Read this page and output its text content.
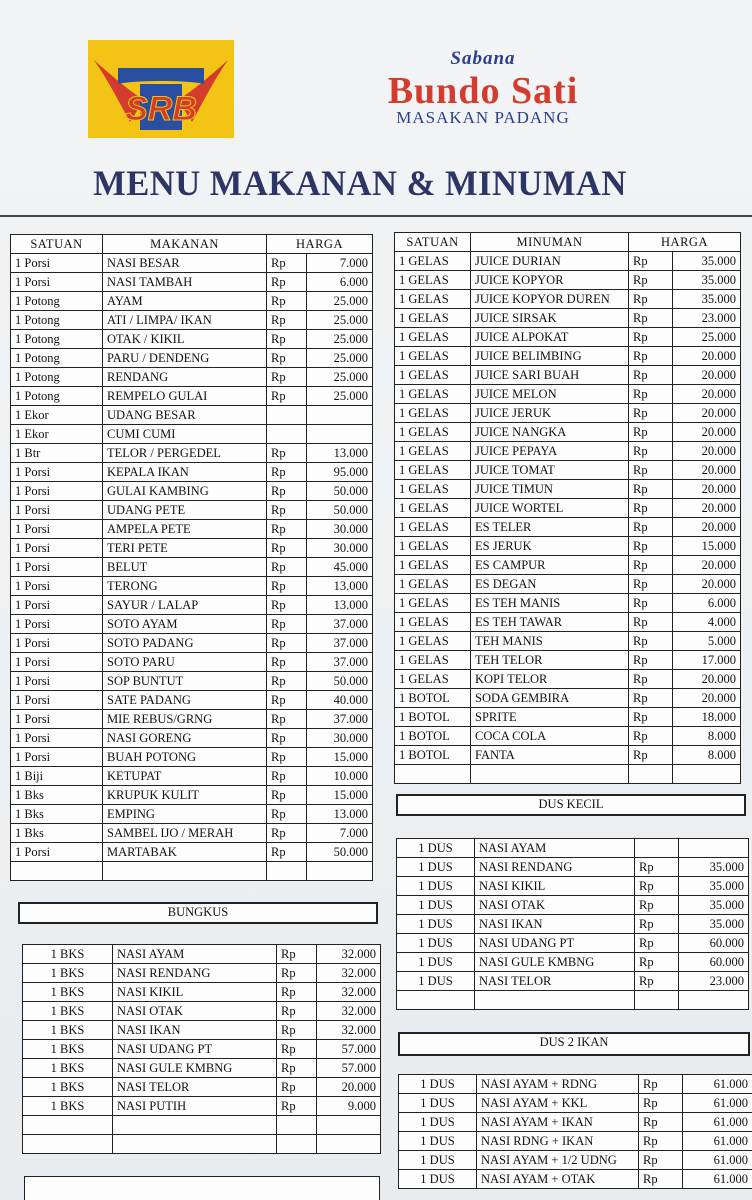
SRB
Sabana
Bundo Sati
MASAKAN PADANG
MENU MAKANAN & MINUMAN
SATUAN	MAKANAN	HARGA	
1 Porsi	NASI BESAR	Rp	7.000
1 Porsi	NASI TAMBAH	Rp	6.000
1 Potong	AYAM	Rp	25.000
1 Potong	ATI / LIMPA/ IKAN	Rp	25.000
1 Potong	OTAK / KIKIL	Rp	25.000
1 Potong	PARU / DENDENG	Rp	25.000
1 Potong	RENDANG	Rp	25.000
1 Potong	REMPELO GULAI	Rp	25.000
1 Ekor	UDANG BESAR		
1 Ekor	CUMI CUMI		
1 Btr	TELOR / PERGEDEL	Rp	13.000
1 Porsi	KEPALA IKAN	Rp	95.000
1 Porsi	GULAI KAMBING	Rp	50.000
1 Porsi	UDANG PETE	Rp	50.000
1 Porsi	AMPELA PETE	Rp	30.000
1 Porsi	TERI PETE	Rp	30.000
1 Porsi	BELUT	Rp	45.000
1 Porsi	TERONG	Rp	13.000
1 Porsi	SAYUR / LALAP	Rp	13.000
1 Porsi	SOTO AYAM	Rp	37.000
1 Porsi	SOTO PADANG	Rp	37.000
1 Porsi	SOTO PARU	Rp	37.000
1 Porsi	SOP BUNTUT	Rp	50.000
1 Porsi	SATE PADANG	Rp	40.000
1 Porsi	MIE REBUS/GRNG	Rp	37.000
1 Porsi	NASI GORENG	Rp	30.000
1 Porsi	BUAH POTONG	Rp	15.000
1 Biji	KETUPAT	Rp	10.000
1 Bks	KRUPUK KULIT	Rp	15.000
1 Bks	EMPING	Rp	13.000
1 Bks	SAMBEL IJO / MERAH	Rp	7.000
1 Porsi	MARTABAK	Rp	50.000

SATUAN	MINUMAN	HARGA	
1 GELAS	JUICE DURIAN	Rp	35.000
1 GELAS	JUICE KOPYOR	Rp	35.000
1 GELAS	JUICE KOPYOR DUREN	Rp	35.000
1 GELAS	JUICE SIRSAK	Rp	23.000
1 GELAS	JUICE ALPOKAT	Rp	25.000
1 GELAS	JUICE BELIMBING	Rp	20.000
1 GELAS	JUICE SARI BUAH	Rp	20.000
1 GELAS	JUICE MELON	Rp	20.000
1 GELAS	JUICE JERUK	Rp	20.000
1 GELAS	JUICE NANGKA	Rp	20.000
1 GELAS	JUICE PEPAYA	Rp	20.000
1 GELAS	JUICE TOMAT	Rp	20.000
1 GELAS	JUICE TIMUN	Rp	20.000
1 GELAS	JUICE WORTEL	Rp	20.000
1 GELAS	ES TELER	Rp	20.000
1 GELAS	ES JERUK	Rp	15.000
1 GELAS	ES CAMPUR	Rp	20.000
1 GELAS	ES DEGAN	Rp	20.000
1 GELAS	ES TEH MANIS	Rp	6.000
1 GELAS	ES TEH TAWAR	Rp	4.000
1 GELAS	TEH MANIS	Rp	5.000
1 GELAS	TEH TELOR	Rp	17.000
1 GELAS	KOPI TELOR	Rp	20.000
1 BOTOL	SODA GEMBIRA	Rp	20.000
1 BOTOL	SPRITE	Rp	18.000
1 BOTOL	COCA COLA	Rp	8.000
1 BOTOL	FANTA	Rp	8.000

BUNGKUS
1 BKS	NASI AYAM	Rp	32.000
1 BKS	NASI RENDANG	Rp	32.000
1 BKS	NASI KIKIL	Rp	32.000
1 BKS	NASI OTAK	Rp	32.000
1 BKS	NASI IKAN	Rp	32.000
1 BKS	NASI UDANG PT	Rp	57.000
1 BKS	NASI GULE KMBNG	Rp	57.000
1 BKS	NASI TELOR	Rp	20.000
1 BKS	NASI PUTIH	Rp	9.000

DUS KECIL
1 DUS	NASI AYAM		
1 DUS	NASI RENDANG	Rp	35.000
1 DUS	NASI KIKIL	Rp	35.000
1 DUS	NASI OTAK	Rp	35.000
1 DUS	NASI IKAN	Rp	35.000
1 DUS	NASI UDANG PT	Rp	60.000
1 DUS	NASI GULE KMBNG	Rp	60.000
1 DUS	NASI TELOR	Rp	23.000

DUS 2 IKAN
1 DUS	NASI AYAM + RDNG	Rp	61.000
1 DUS	NASI AYAM + KKL	Rp	61.000
1 DUS	NASI AYAM + IKAN	Rp	61.000
1 DUS	NASI RDNG + IKAN	Rp	61.000
1 DUS	NASI AYAM + 1/2 UDNG	Rp	61.000
1 DUS	NASI AYAM + OTAK	Rp	61.000
